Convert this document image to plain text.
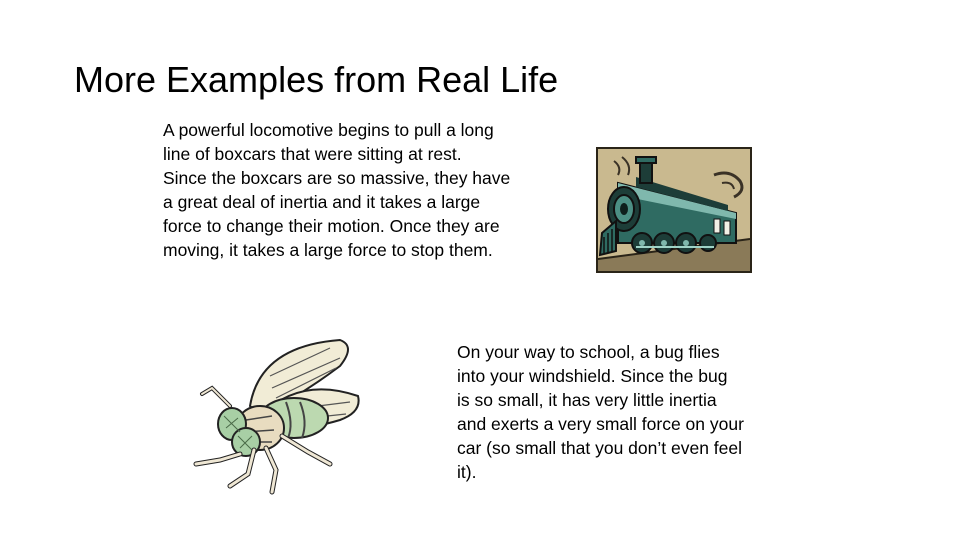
More Examples from Real Life

A powerful locomotive begins to pull a long
line of boxcars that were sitting at rest.
Since the boxcars are so massive, they have
a great deal of inertia and it takes a large
force to change their motion. Once they are
moving, it takes a large force to stop them.

On your way to school, a bug flies
into your windshield. Since the bug
is so small, it has very little inertia
and exerts a very small force on your
car (so small that you don’t even feel
it).
